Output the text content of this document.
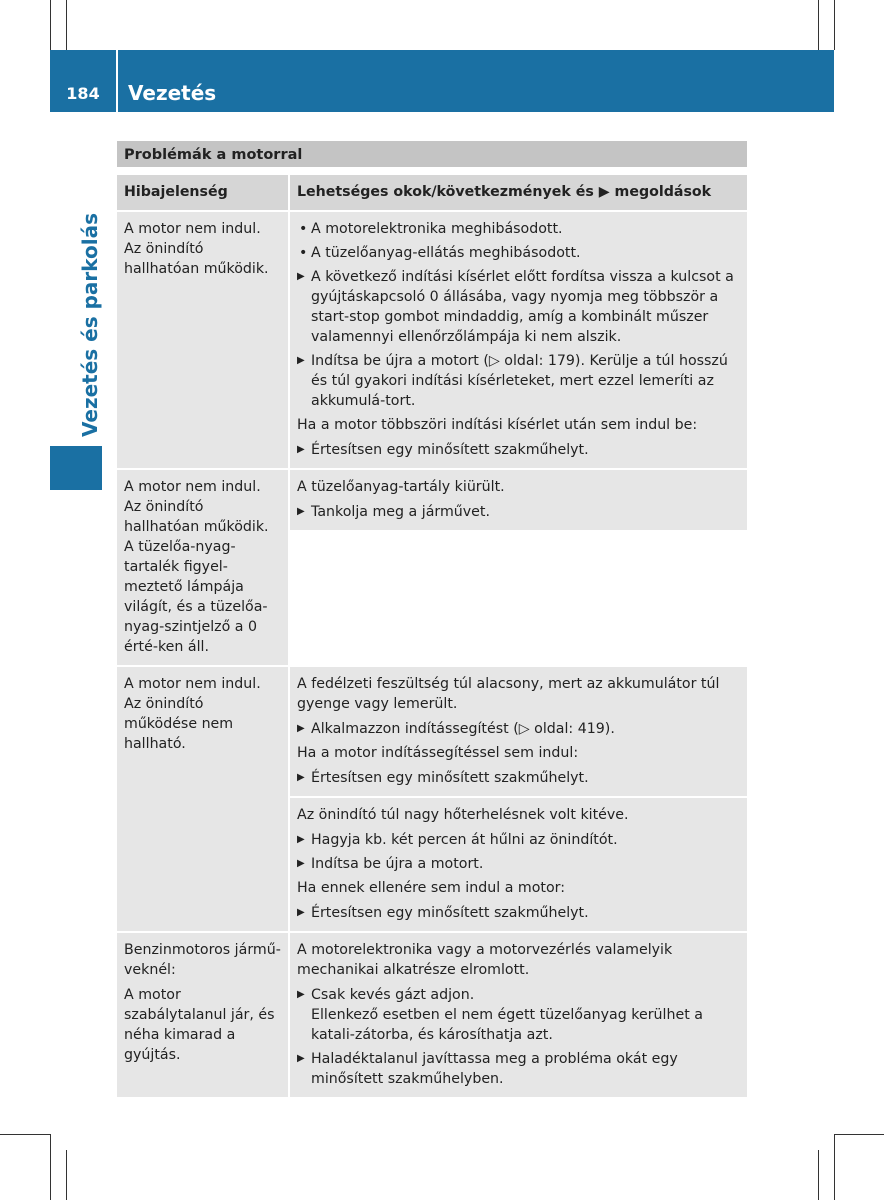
184	Vezetés
Vezetés és parkolás
Problémák a motorral
Hibajelenség	Lehetséges okok/következmények és ▶ megoldások
A motor nem indul. Az önindító hallhatóan működik.
• A motorelektronika meghibásodott.
• A tüzelőanyag-ellátás meghibásodott.
▶ A következő indítási kísérlet előtt fordítsa vissza a kulcsot a gyújtáskapcsoló 0 állásába, vagy nyomja meg többször a start-stop gombot mindaddig, amíg a kombinált műszer valamennyi ellenőrzőlámpája ki nem alszik.
▶ Indítsa be újra a motort (▷ oldal: 179). Kerülje a túl hosszú és túl gyakori indítási kísérleteket, mert ezzel lemeríti az akkumulá-tort.
Ha a motor többszöri indítási kísérlet után sem indul be:
▶ Értesítsen egy minősített szakműhelyt.
A motor nem indul. Az önindító hallhatóan működik. A tüzelőa-nyag-tartalék figyel-meztető lámpája világít, és a tüzelőa-nyag-szintjelző a 0 érté-ken áll.
A tüzelőanyag-tartály kiürült.
▶ Tankolja meg a járművet.
A motor nem indul. Az önindító működése nem hallható.
A fedélzeti feszültség túl alacsony, mert az akkumulátor túl gyenge vagy lemerült.
▶ Alkalmazzon indítássegítést (▷ oldal: 419).
Ha a motor indítássegítéssel sem indul:
▶ Értesítsen egy minősített szakműhelyt.
Az önindító túl nagy hőterhelésnek volt kitéve.
▶ Hagyja kb. két percen át hűlni az önindítót.
▶ Indítsa be újra a motort.
Ha ennek ellenére sem indul a motor:
▶ Értesítsen egy minősített szakműhelyt.
Benzinmotoros jármű-veknél:
A motor szabálytalanul jár, és néha kimarad a gyújtás.
A motorelektronika vagy a motorvezérlés valamelyik mechanikai alkatrésze elromlott.
▶ Csak kevés gázt adjon.
Ellenkező esetben el nem égett tüzelőanyag kerülhet a katali-zátorba, és károsíthatja azt.
▶ Haladéktalanul javíttassa meg a probléma okát egy minősített szakműhelyben.
